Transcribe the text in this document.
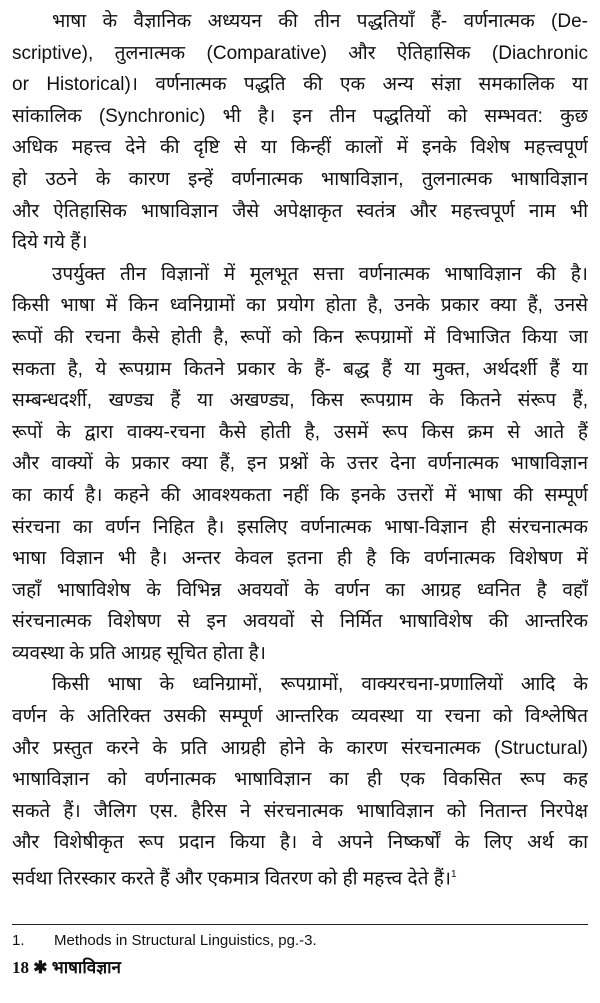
भाषा के वैज्ञानिक अध्ययन की तीन पद्धतियाँ हैं- वर्णनात्मक (De-
scriptive), तुलनात्मक (Comparative) और ऐतिहासिक (Diachronic
or Historical)। वर्णनात्मक पद्धति की एक अन्य संज्ञा समकालिक या
सांकालिक (Synchronic) भी है। इन तीन पद्धतियों को सम्भवत: कुछ
अधिक महत्त्व देने की दृष्टि से या किन्हीं कालों में इनके विशेष महत्त्वपूर्ण
हो उठने के कारण इन्हें वर्णनात्मक भाषाविज्ञान, तुलनात्मक भाषाविज्ञान
और ऐतिहासिक भाषाविज्ञान जैसे अपेक्षाकृत स्वतंत्र और महत्त्वपूर्ण नाम भी
दिये गये हैं।
उपर्युक्त तीन विज्ञानों में मूलभूत सत्ता वर्णनात्मक भाषाविज्ञान की है।
किसी भाषा में किन ध्वनिग्रामों का प्रयोग होता है, उनके प्रकार क्या हैं, उनसे
रूपों की रचना कैसे होती है, रूपों को किन रूपग्रामों में विभाजित किया जा
सकता है, ये रूपग्राम कितने प्रकार के हैं- बद्ध हैं या मुक्त, अर्थदर्शी हैं या
सम्बन्धदर्शी, खण्ड्य हैं या अखण्ड्य, किस रूपग्राम के कितने संरूप हैं,
रूपों के द्वारा वाक्य-रचना कैसे होती है, उसमें रूप किस क्रम से आते हैं
और वाक्यों के प्रकार क्या हैं, इन प्रश्नों के उत्तर देना वर्णनात्मक भाषाविज्ञान
का कार्य है। कहने की आवश्यकता नहीं कि इनके उत्तरों में भाषा की सम्पूर्ण
संरचना का वर्णन निहित है। इसलिए वर्णनात्मक भाषा-विज्ञान ही संरचनात्मक
भाषा विज्ञान भी है। अन्तर केवल इतना ही है कि वर्णनात्मक विशेषण में
जहाँ भाषाविशेष के विभिन्न अवयवों के वर्णन का आग्रह ध्वनित है वहाँ
संरचनात्मक विशेषण से इन अवयवों से निर्मित भाषाविशेष की आन्तरिक
व्यवस्था के प्रति आग्रह सूचित होता है।
किसी भाषा के ध्वनिग्रामों, रूपग्रामों, वाक्यरचना-प्रणालियों आदि के
वर्णन के अतिरिक्त उसकी सम्पूर्ण आन्तरिक व्यवस्था या रचना को विश्लेषित
और प्रस्तुत करने के प्रति आग्रही होने के कारण संरचनात्मक (Structural)
भाषाविज्ञान को वर्णनात्मक भाषाविज्ञान का ही एक विकसित रूप कह
सकते हैं। जैलिग एस. हैरिस ने संरचनात्मक भाषाविज्ञान को नितान्त निरपेक्ष
और विशेषीकृत रूप प्रदान किया है। वे अपने निष्कर्षों के लिए अर्थ का
सर्वथा तिरस्कार करते हैं और एकमात्र वितरण को ही महत्त्व देते हैं।$^1$
1. Methods in Structural Linguistics, pg.-3.
18 ✱ भाषाविज्ञान
